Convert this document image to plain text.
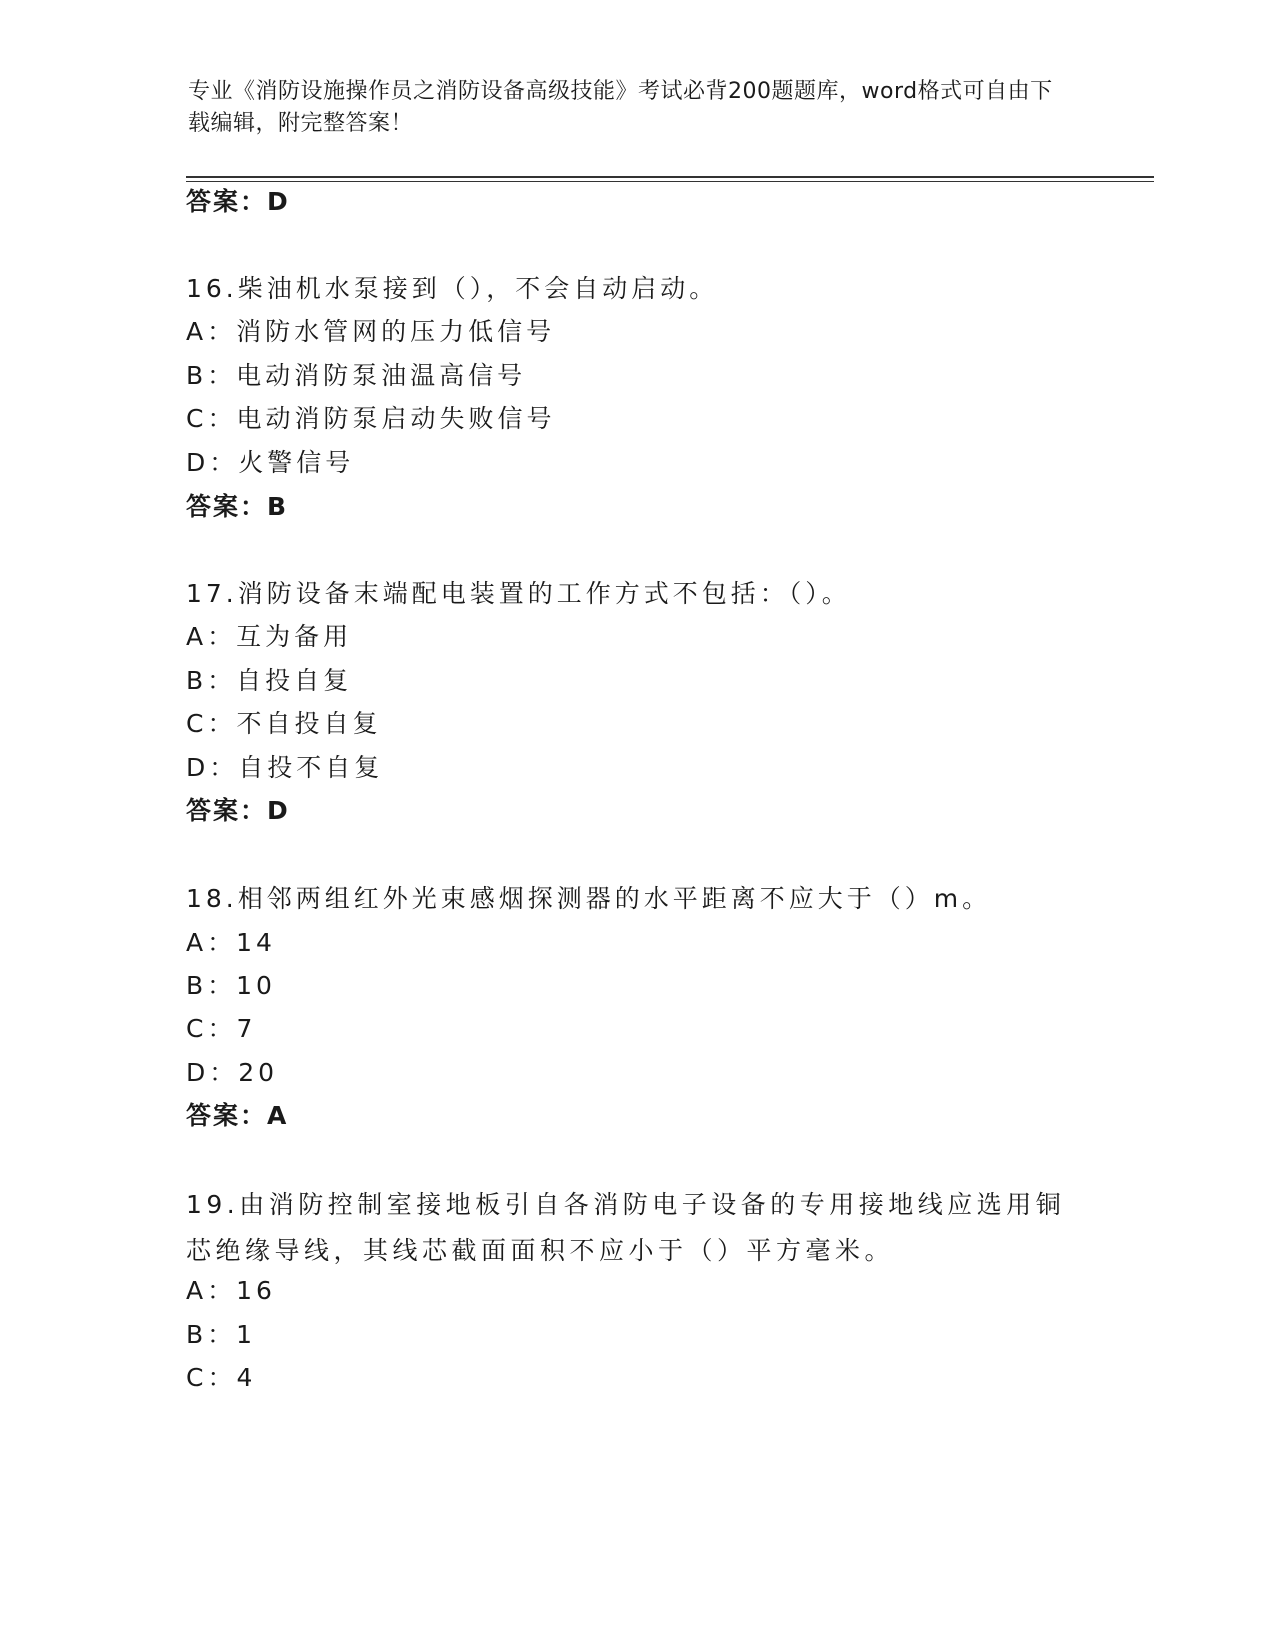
专业《消防设施操作员之消防设备高级技能》考试必背200题题库，word格式可自由下载编辑，附完整答案！
答案：D
16.柴油机水泵接到（），不会自动启动。
A：消防水管网的压力低信号
B：电动消防泵油温高信号
C：电动消防泵启动失败信号
D：火警信号
答案：B
17.消防设备末端配电装置的工作方式不包括：（）。
A：互为备用
B：自投自复
C：不自投自复
D：自投不自复
答案：D
18.相邻两组红外光束感烟探测器的水平距离不应大于（）m。
A：14
B：10
C：7
D：20
答案：A
19.由消防控制室接地板引自各消防电子设备的专用接地线应选用铜芯绝缘导线，其线芯截面面积不应小于（）平方毫米。
A：16
B：1
C：4
